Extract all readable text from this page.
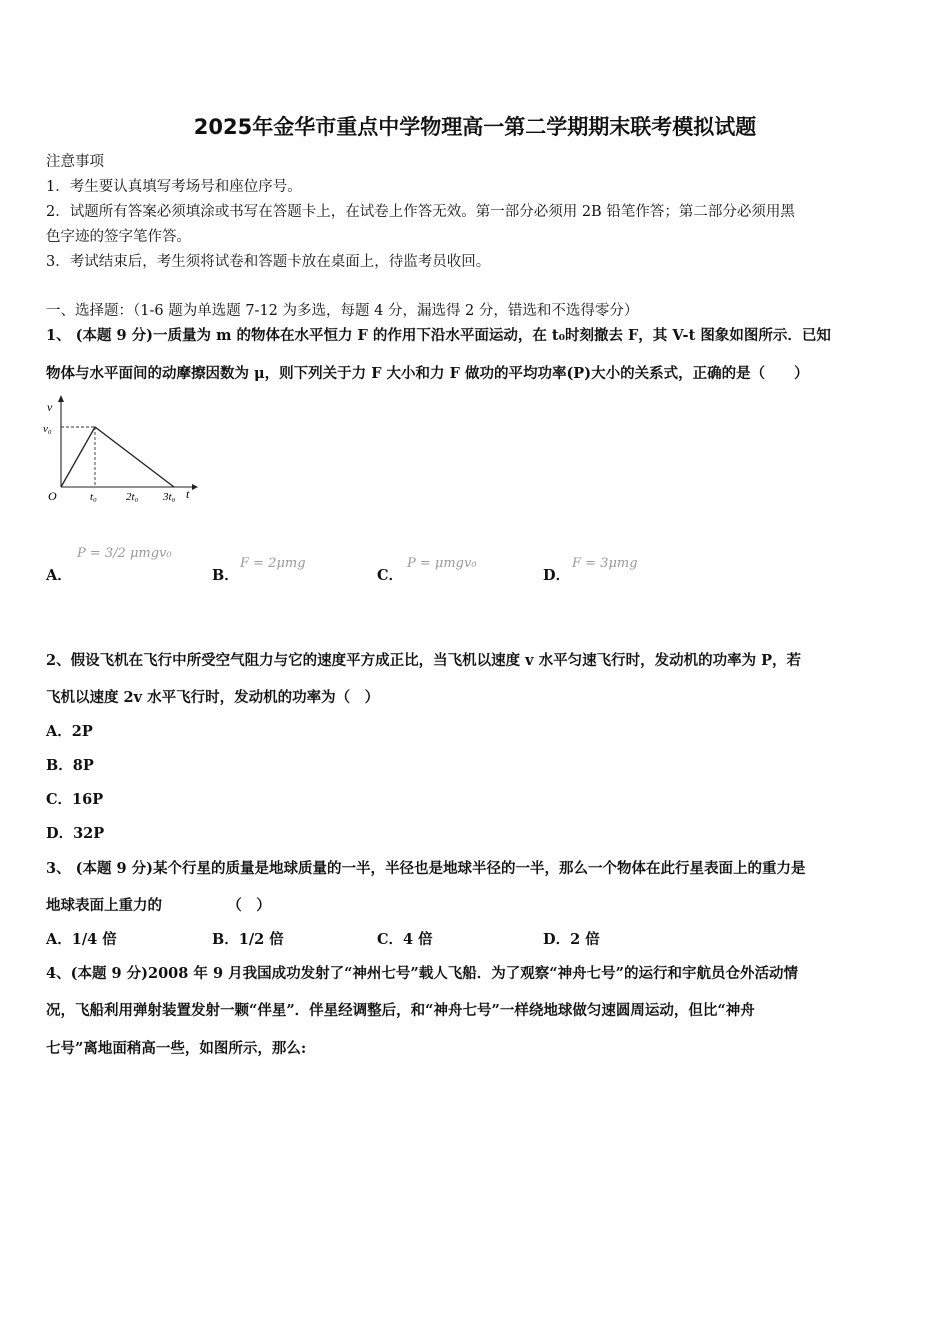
2025年金华市重点中学物理高一第二学期期末联考模拟试题
注意事项
1．考生要认真填写考场号和座位序号。
2．试题所有答案必须填涂或书写在答题卡上，在试卷上作答无效。第一部分必须用 2B 铅笔作答；第二部分必须用黑
色字迹的签字笔作答。
3．考试结束后，考生须将试卷和答题卡放在桌面上，待监考员收回。
一、选择题：（1-6 题为单选题 7-12 为多选，每题 4 分，漏选得 2 分，错选和不选得零分）
1、 (本题 9 分)一质量为 m 的物体在水平恒力 F 的作用下沿水平面运动，在 t₀时刻撤去 F，其 V-t 图象如图所示．已知
物体与水平面间的动摩擦因数为 μ，则下列关于力 F 大小和力 F 做功的平均功率(P)大小的关系式，正确的是（　　）
v
v₀
O	t₀	2t₀ 3t₀ t
A．
𝑃 = 3/2 𝜇𝑚𝑔𝑣₀
B．
𝐹 = 2𝜇𝑚𝑔
C．
𝑃 = 𝜇𝑚𝑔𝑣₀
D．
𝐹 = 3𝜇𝑚𝑔
2、假设飞机在飞行中所受空气阻力与它的速度平方成正比，当飞机以速度 v 水平匀速飞行时，发动机的功率为 P，若
飞机以速度 2v 水平飞行时，发动机的功率为（　）
A．2P
B．8P
C．16P
D．32P
3、 (本题 9 分)某个行星的质量是地球质量的一半，半径也是地球半径的一半，那么一个物体在此行星表面上的重力是
地球表面上重力的　　　　　（　）
A．1/4 倍	B．1/2 倍	C．4 倍	D．2 倍
4、(本题 9 分)2008 年 9 月我国成功发射了“神州七号”载人飞船．为了观察“神舟七号”的运行和宇航员仓外活动情
况，飞船利用弹射装置发射一颗“伴星”．伴星经调整后，和“神舟七号”一样绕地球做匀速圆周运动，但比“神舟
七号”离地面稍高一些，如图所示，那么:
